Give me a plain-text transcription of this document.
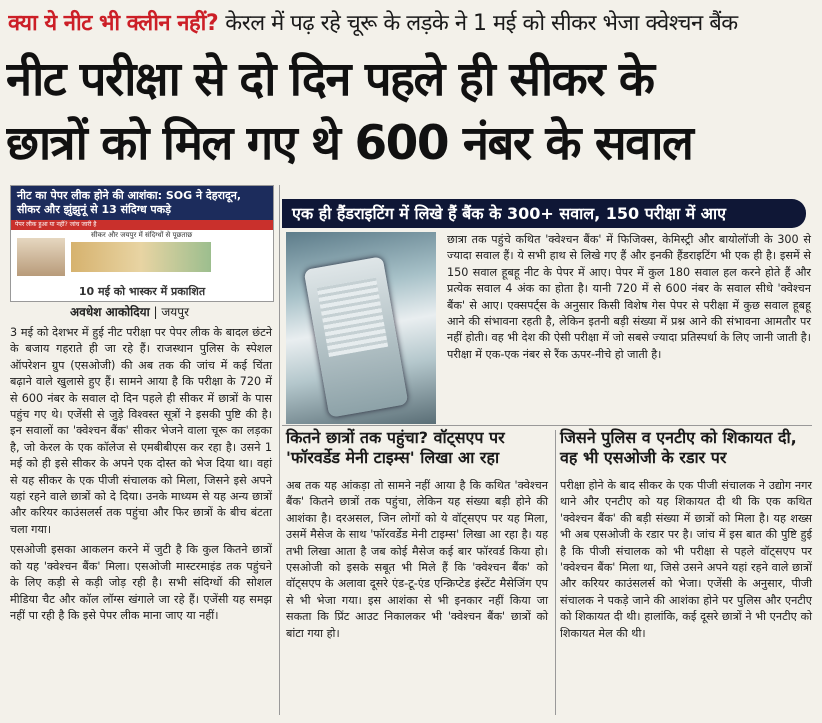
क्या ये नीट भी क्लीन नहीं? केरल में पढ़ रहे चूरू के लड़के ने 1 मई को सीकर भेजा क्वेश्चन बैंक
नीट परीक्षा से दो दिन पहले ही सीकर के
छात्रों को मिल गए थे 600 नंबर के सवाल
नीट का पेपर लीक होने की आशंका: SOG ने देहरादून, सीकर और झुंझुनूं से 13 संदिग्ध पकड़े
पेपर लीक हुआ या नहीं? जांच जारी है
सीकर और जयपुर में संदिग्धों से पूछताछ
10 मई को भास्कर में प्रकाशित
अवधेश आकोदिया | जयपुर

3 मई को देशभर में हुई नीट परीक्षा पर पेपर लीक के बादल छंटने के बजाय गहराते ही जा रहे हैं। राजस्थान पुलिस के स्पेशल ऑपरेशन ग्रुप (एसओजी) की अब तक की जांच में कई चिंता बढ़ाने वाले खुलासे हुए हैं। सामने आया है कि परीक्षा के 720 में से 600 नंबर के सवाल दो दिन पहले ही सीकर में छात्रों के पास पहुंच गए थे। एजेंसी से जुड़े विश्वस्त सूत्रों ने इसकी पुष्टि की है। इन सवालों का 'क्वेश्चन बैंक' सीकर भेजने वाला चूरू का लड़का है, जो केरल के एक कॉलेज से एमबीबीएस कर रहा है। उसने 1 मई को ही इसे सीकर के अपने एक दोस्त को भेज दिया था। वहां से यह सीकर के एक पीजी संचालक को मिला, जिसने इसे अपने यहां रहने वाले छात्रों को दे दिया। उनके माध्यम से यह अन्य छात्रों और करियर काउंसलर्स तक पहुंचा और फिर छात्रों के बीच बंटता चला गया।

एसओजी इसका आकलन करने में जुटी है कि कुल कितने छात्रों को यह 'क्वेश्चन बैंक' मिला। एसओजी मास्टरमाइंड तक पहुंचने के लिए कड़ी से कड़ी जोड़ रही है। सभी संदिग्धों की सोशल मीडिया चैट और कॉल लॉग्स खंगाले जा रहे हैं। एजेंसी यह समझ नहीं पा रही है कि इसे पेपर लीक माना जाए या नहीं।

एक ही हैंडराइटिंग में लिखे हैं बैंक के 300+ सवाल, 150 परीक्षा में आए
छात्रा तक पहुंचे कथित 'क्वेश्चन बैंक' में फिजिक्स, केमिस्ट्री और बायोलॉजी के 300 से ज्यादा सवाल हैं। ये सभी हाथ से लिखे गए हैं और इनकी हैंडराइटिंग भी एक ही है। इसमें से 150 सवाल हूबहू नीट के पेपर में आए। पेपर में कुल 180 सवाल हल करने होते हैं और प्रत्येक सवाल 4 अंक का होता है। यानी 720 में से 600 नंबर के सवाल सीधे 'क्वेश्चन बैंक' से आए। एक्सपर्ट्स के अनुसार किसी विशेष गेस पेपर से परीक्षा में कुछ सवाल हूबहू आने की संभावना रहती है, लेकिन इतनी बड़ी संख्या में प्रश्न आने की संभावना आमतौर पर नहीं होती। वह भी देश की ऐसी परीक्षा में जो सबसे ज्यादा प्रतिस्पर्धा के लिए जानी जाती है। परीक्षा में एक-एक नंबर से रैंक ऊपर-नीचे हो जाती है।
कितने छात्रों तक पहुंचा? वॉट्सएप पर 'फॉरवर्डेड मेनी टाइम्स' लिखा आ रहा
अब तक यह आंकड़ा तो सामने नहीं आया है कि कथित 'क्वेश्चन बैंक' कितने छात्रों तक पहुंचा, लेकिन यह संख्या बड़ी होने की आशंका है। दरअसल, जिन लोगों को ये वॉट्सएप पर यह मिला, उसमें मैसेज के साथ 'फॉरवर्डेड मेनी टाइम्स' लिखा आ रहा है। यह तभी लिखा आता है जब कोई मैसेज कई बार फॉरवर्ड किया हो। एसओजी को इसके सबूत भी मिले हैं कि 'क्वेश्चन बैंक' को वॉट्सएप के अलावा दूसरे एंड-टू-एंड एन्क्रिप्टेड इंस्टेंट मैसेजिंग एप से भी भेजा गया। इस आशंका से भी इनकार नहीं किया जा सकता कि प्रिंट आउट निकालकर भी 'क्वेश्चन बैंक' छात्रों को बांटा गया हो।
जिसने पुलिस व एनटीए को शिकायत दी, वह भी एसओजी के रडार पर
परीक्षा होने के बाद सीकर के एक पीजी संचालक ने उद्योग नगर थाने और एनटीए को यह शिकायत दी थी कि एक कथित 'क्वेश्चन बैंक' की बड़ी संख्या में छात्रों को मिला है। यह शख्स भी अब एसओजी के रडार पर है। जांच में इस बात की पुष्टि हुई है कि पीजी संचालक को भी परीक्षा से पहले वॉट्सएप पर 'क्वेश्चन बैंक' मिला था, जिसे उसने अपने यहां रहने वाले छात्रों और करियर काउंसलर्स को भेजा। एजेंसी के अनुसार, पीजी संचालक ने पकड़े जाने की आशंका होने पर पुलिस और एनटीए को शिकायत दी थी। हालांकि, कई दूसरे छात्रों ने भी एनटीए को शिकायत मेल की थी।
